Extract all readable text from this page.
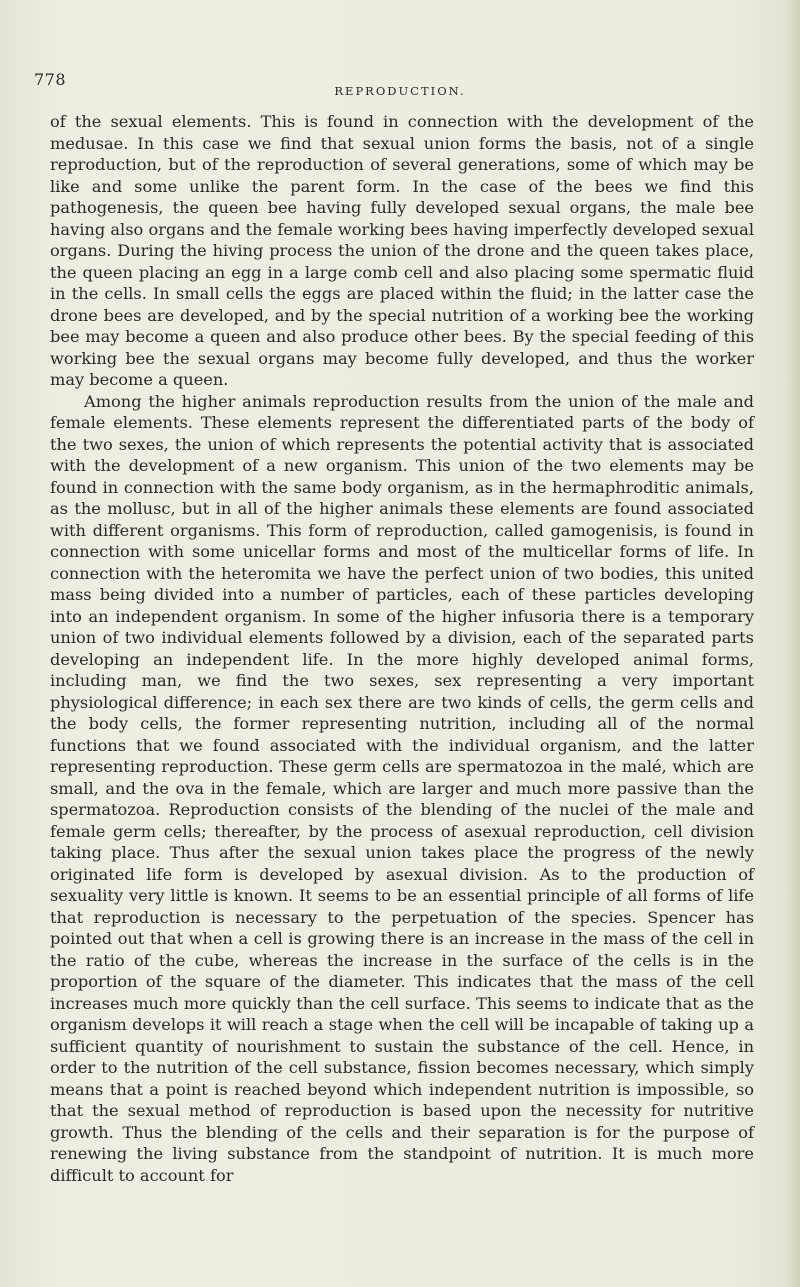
778
REPRODUCTION.

of the sexual elements. This is found in connection with the development of the medusae. In this case we find that sexual union forms the basis, not of a single reproduction, but of the reproduction of several generations, some of which may be like and some unlike the parent form. In the case of the bees we find this pathogenesis, the queen bee having fully developed sexual organs, the male bee having also organs and the female working bees having imperfectly developed sexual organs. During the hiving process the union of the drone and the queen takes place, the queen placing an egg in a large comb cell and also placing some spermatic fluid in the cells. In small cells the eggs are placed within the fluid; in the latter case the drone bees are developed, and by the special nutrition of a working bee the working bee may become a queen and also produce other bees. By the special feeding of this working bee the sexual organs may become fully developed, and thus the worker may become a queen.

Among the higher animals reproduction results from the union of the male and female elements. These elements represent the differentiated parts of the body of the two sexes, the union of which represents the potential activity that is associated with the development of a new organism. This union of the two elements may be found in connection with the same body organism, as in the hermaphroditic animals, as the mollusc, but in all of the higher animals these elements are found associated with different organisms. This form of reproduction, called gamogenisis, is found in connection with some unicellar forms and most of the multicellar forms of life. In connection with the heteromita we have the perfect union of two bodies, this united mass being divided into a number of particles, each of these particles developing into an independent organism. In some of the higher infusoria there is a temporary union of two individual elements followed by a division, each of the separated parts developing an independent life. In the more highly developed animal forms, including man, we find the two sexes, sex representing a very important physiological difference; in each sex there are two kinds of cells, the germ cells and the body cells, the former representing nutrition, including all of the normal functions that we found associated with the individual organism, and the latter representing reproduction. These germ cells are spermatozoa in the malé, which are small, and the ova in the female, which are larger and much more passive than the spermatozoa. Reproduction consists of the blending of the nuclei of the male and female germ cells; thereafter, by the process of asexual reproduction, cell division taking place. Thus after the sexual union takes place the progress of the newly originated life form is developed by asexual division. As to the production of sexuality very little is known. It seems to be an essential principle of all forms of life that reproduction is necessary to the perpetuation of the species. Spencer has pointed out that when a cell is growing there is an increase in the mass of the cell in the ratio of the cube, whereas the increase in the surface of the cells is in the proportion of the square of the diameter. This indicates that the mass of the cell increases much more quickly than the cell surface. This seems to indicate that as the organism develops it will reach a stage when the cell will be incapable of taking up a sufficient quantity of nourishment to sustain the substance of the cell. Hence, in order to the nutrition of the cell substance, fission becomes necessary, which simply means that a point is reached beyond which independent nutrition is impossible, so that the sexual method of reproduction is based upon the necessity for nutritive growth. Thus the blending of the cells and their separation is for the purpose of renewing the living substance from the standpoint of nutrition. It is much more difficult to account for
